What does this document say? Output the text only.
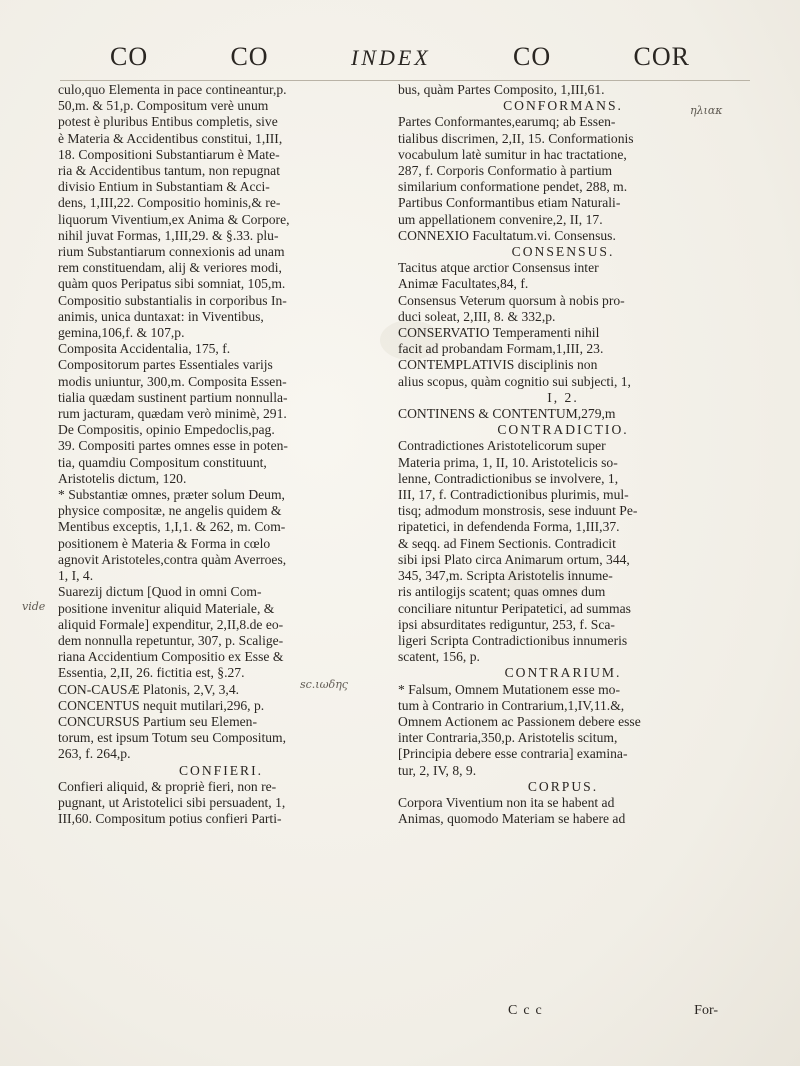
CO	CO	INDEX	CO	COR
culo,quo Elementa in pace contineantur,p.
50,m. & 51,p. Compositum verè unum
potest è pluribus Entibus completis, sive
è Materia & Accidentibus constitui, 1,III,
18. Compositioni Substantiarum è Mate-
ria & Accidentibus tantum, non repugnat
divisio Entium in Substantiam & Acci-
dens, 1,III,22. Compositio hominis,& re-
liquorum Viventium,ex Anima & Corpore,
nihil juvat Formas, 1,III,29. & §.33. plu-
rium Substantiarum connexionis ad unam
rem constituendam, alij & veriores modi,
quàm quos Peripatus sibi somniat, 105,m.
Compositio substantialis in corporibus In-
animis, unica duntaxat: in Viventibus,
gemina,106,f. & 107,p.
Composita Accidentalia, 175, f.
Compositorum partes Essentiales varijs
modis uniuntur, 300,m. Composita Essen-
tialia quædam sustinent partium nonnulla-
rum jacturam, quædam verò minimè, 291.
De Compositis, opinio Empedoclis,pag.
39. Compositi partes omnes esse in poten-
tia, quamdiu Compositum constituunt,
Aristotelis dictum, 120.
* Substantiæ omnes, præter solum Deum,
physice compositæ, ne angelis quidem &
Mentibus exceptis, 1,I,1. & 262, m. Com-
positionem è Materia & Forma in cœlo
agnovit Aristoteles,contra quàm Averroes,
1, I, 4.
Suarezij dictum [Quod in omni Com-
positione invenitur aliquid Materiale, &
aliquid Formale] expenditur, 2,II,8.de eo-
dem nonnulla repetuntur, 307, p. Scalige-
riana Accidentium Compositio ex Esse &
Essentia, 2,II, 26. fictitia est, §.27.
CON-CAUSÆ Platonis, 2,V, 3,4.
CONCENTUS nequit mutilari,296, p.
CONCURSUS Partium seu Elemen-
torum, est ipsum Totum seu Compositum,
263, f. 264,p.
CONFIERI.
Confieri aliquid, & propriè fieri, non re-
pugnant, ut Aristotelici sibi persuadent, 1,
III,60. Compositum potius confieri Parti-
bus, quàm Partes Composito, 1,III,61.
CONFORMANS.
Partes Conformantes,earumq; ab Essen-
tialibus discrimen, 2,II, 15. Conformationis
vocabulum latè sumitur in hac tractatione,
287, f. Corporis Conformatio à partium
similarium conformatione pendet, 288, m.
Partibus Conformantibus etiam Naturali-
um appellationem convenire,2, II, 17.
CONNEXIO Facultatum.vi. Consensus.
CONSENSUS.
Tacitus atque arctior Consensus inter
Animæ Facultates,84, f.
Consensus Veterum quorsum à nobis pro-
duci soleat, 2,III, 8. & 332,p.
CONSERVATIO Temperamenti nihil
facit ad probandam Formam,1,III, 23.
CONTEMPLATIVIS disciplinis non
alius scopus, quàm cognitio sui subjecti, 1,
I, 2.
CONTINENS & CONTENTUM,279,m
CONTRADICTIO.
Contradictiones Aristotelicorum super
Materia prima, 1, II, 10. Aristotelicis so-
lenne, Contradictionibus se involvere, 1,
III, 17, f. Contradictionibus plurimis, mul-
tisq; admodum monstrosis, sese induunt Pe-
ripatetici, in defendenda Forma, 1,III,37.
& seqq. ad Finem Sectionis. Contradicit
sibi ipsi Plato circa Animarum ortum, 344,
345, 347,m. Scripta Aristotelis innume-
ris antilogijs scatent; quas omnes dum
conciliare nituntur Peripatetici, ad summas
ipsi absurditates rediguntur, 253, f. Sca-
ligeri Scripta Contradictionibus innumeris
scatent, 156, p.
CONTRARIUM.
* Falsum, Omnem Mutationem esse mo-
tum à Contrario in Contrarium,1,IV,11.&,
Omnem Actionem ac Passionem debere esse
inter Contraria,350,p. Aristotelis scitum,
[Principia debere esse contraria] examina-
tur, 2, IV, 8, 9.
CORPUS.
Corpora Viventium non ita se habent ad
Animas, quomodo Materiam se habere ad
vide
sc.ιωδης
ηλιακ
Ccc	For-
